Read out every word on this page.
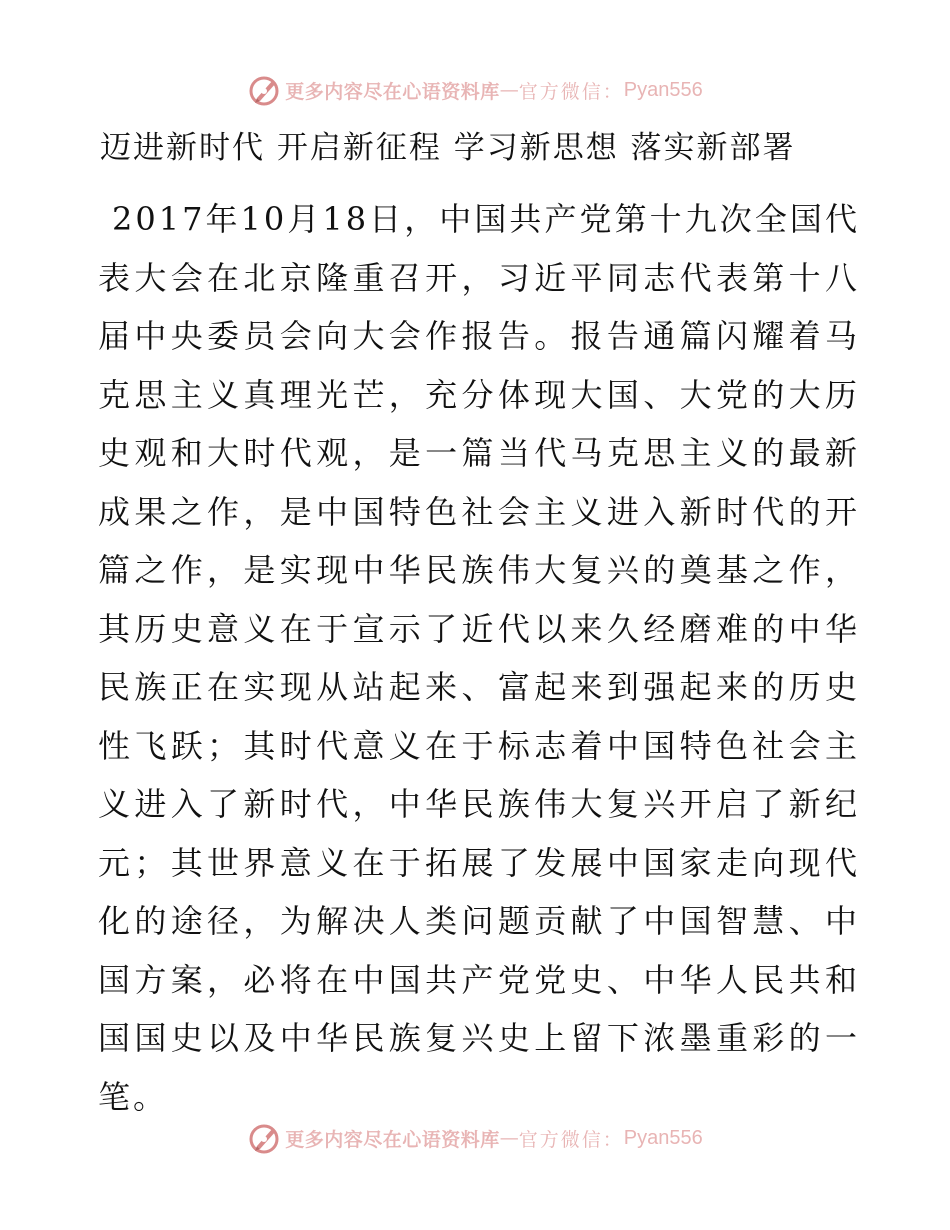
更多内容尽在心语资料库 — 官方微信： Pyan556
迈进新时代 开启新征程 学习新思想 落实新部署
2017年10月18日，中国共产党第十九次全国代表大会在北京隆重召开，习近平同志代表第十八届中央委员会向大会作报告。报告通篇闪耀着马克思主义真理光芒，充分体现大国、大党的大历史观和大时代观，是一篇当代马克思主义的最新成果之作，是中国特色社会主义进入新时代的开篇之作，是实现中华民族伟大复兴的奠基之作，其历史意义在于宣示了近代以来久经磨难的中华民族正在实现从站起来、富起来到强起来的历史性飞跃；其时代意义在于标志着中国特色社会主义进入了新时代，中华民族伟大复兴开启了新纪元；其世界意义在于拓展了发展中国家走向现代化的途径，为解决人类问题贡献了中国智慧、中国方案，必将在中国共产党党史、中华人民共和国国史以及中华民族复兴史上留下浓墨重彩的一笔。
更多内容尽在心语资料库 — 官方微信： Pyan556
